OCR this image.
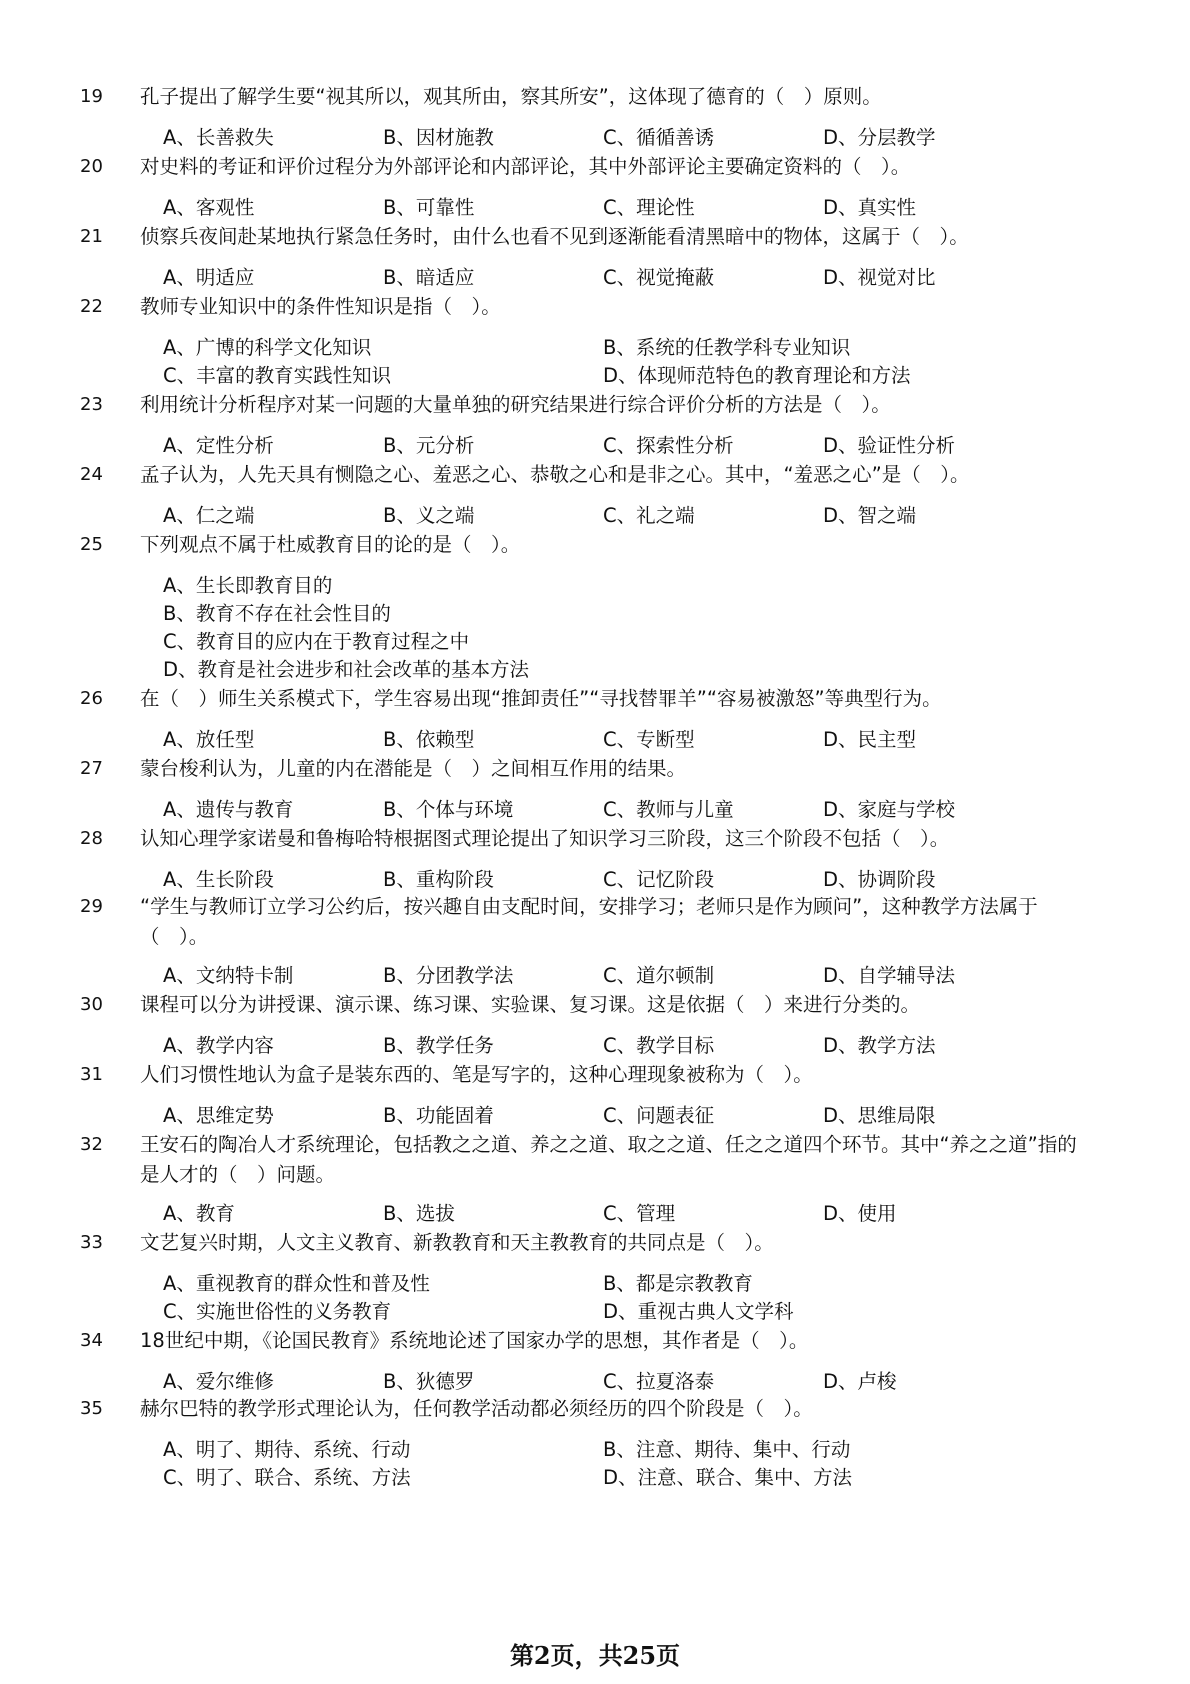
19	孔子提出了解学生要“视其所以，观其所由，察其所安”，这体现了德育的（　）原则。
A、长善救失	B、因材施教	C、循循善诱	D、分层教学
20	对史料的考证和评价过程分为外部评论和内部评论，其中外部评论主要确定资料的（　）。
A、客观性	B、可靠性	C、理论性	D、真实性
21	侦察兵夜间赴某地执行紧急任务时，由什么也看不见到逐渐能看清黑暗中的物体，这属于（　）。
A、明适应	B、暗适应	C、视觉掩蔽	D、视觉对比
22	教师专业知识中的条件性知识是指（　）。
A、广博的科学文化知识	B、系统的任教学科专业知识
C、丰富的教育实践性知识	D、体现师范特色的教育理论和方法
23	利用统计分析程序对某一问题的大量单独的研究结果进行综合评价分析的方法是（　）。
A、定性分析	B、元分析	C、探索性分析	D、验证性分析
24	孟子认为，人先天具有恻隐之心、羞恶之心、恭敬之心和是非之心。其中，“羞恶之心”是（　）。
A、仁之端	B、义之端	C、礼之端	D、智之端
25	下列观点不属于杜威教育目的论的是（　）。
A、生长即教育目的
B、教育不存在社会性目的
C、教育目的应内在于教育过程之中
D、教育是社会进步和社会改革的基本方法
26	在（　）师生关系模式下，学生容易出现“推卸责任”“寻找替罪羊”“容易被激怒”等典型行为。
A、放任型	B、依赖型	C、专断型	D、民主型
27	蒙台梭利认为，儿童的内在潜能是（　）之间相互作用的结果。
A、遗传与教育	B、个体与环境	C、教师与儿童	D、家庭与学校
28	认知心理学家诺曼和鲁梅哈特根据图式理论提出了知识学习三阶段，这三个阶段不包括（　）。
A、生长阶段	B、重构阶段	C、记忆阶段	D、协调阶段
29	“学生与教师订立学习公约后，按兴趣自由支配时间，安排学习；老师只是作为顾问”，这种教学方法属于（　）。
A、文纳特卡制	B、分团教学法	C、道尔顿制	D、自学辅导法
30	课程可以分为讲授课、演示课、练习课、实验课、复习课。这是依据（　）来进行分类的。
A、教学内容	B、教学任务	C、教学目标	D、教学方法
31	人们习惯性地认为盒子是装东西的、笔是写字的，这种心理现象被称为（　）。
A、思维定势	B、功能固着	C、问题表征	D、思维局限
32	王安石的陶冶人才系统理论，包括教之之道、养之之道、取之之道、任之之道四个环节。其中“养之之道”指的是人才的（　）问题。
A、教育	B、选拔	C、管理	D、使用
33	文艺复兴时期，人文主义教育、新教教育和天主教教育的共同点是（　）。
A、重视教育的群众性和普及性	B、都是宗教教育
C、实施世俗性的义务教育	D、重视古典人文学科
34	18世纪中期，《论国民教育》系统地论述了国家办学的思想，其作者是（　）。
A、爱尔维修	B、狄德罗	C、拉夏洛泰	D、卢梭
35	赫尔巴特的教学形式理论认为，任何教学活动都必须经历的四个阶段是（　）。
A、明了、期待、系统、行动	B、注意、期待、集中、行动
C、明了、联合、系统、方法	D、注意、联合、集中、方法
第2页，共25页
